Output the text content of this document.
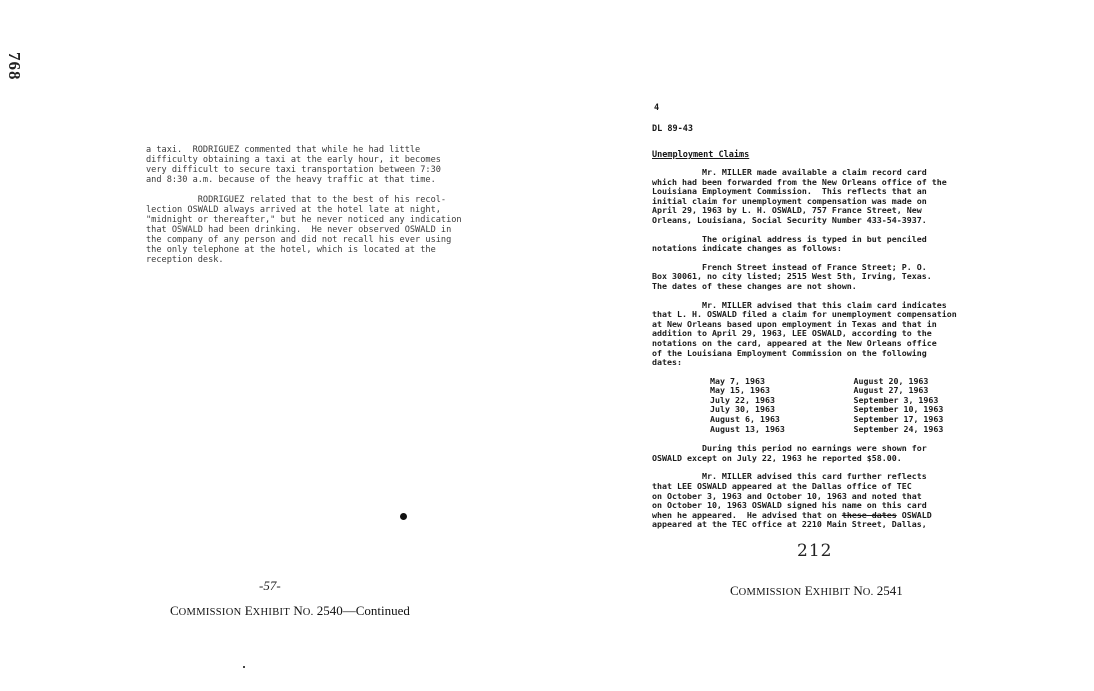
768

a taxi.  RODRIGUEZ commented that while he had little
difficulty obtaining a taxi at the early hour, it becomes
very difficult to secure taxi transportation between 7:30
and 8:30 a.m. because of the heavy traffic at that time.

RODRIGUEZ related that to the best of his recol-
lection OSWALD always arrived at the hotel late at night,
"midnight or thereafter," but he never noticed any indication
that OSWALD had been drinking.  He never observed OSWALD in
the company of any person and did not recall his ever using
the only telephone at the hotel, which is located at the
reception desk.

-57-
COMMISSION EXHIBIT NO. 2540—Continued
4
DL 89-43
Unemployment Claims

Mr. MILLER made available a claim record card
which had been forwarded from the New Orleans office of the
Louisiana Employment Commission.  This reflects that an
initial claim for unemployment compensation was made on
April 29, 1963 by L. H. OSWALD, 757 France Street, New
Orleans, Louisiana, Social Security Number 433-54-3937.

The original address is typed in but penciled
notations indicate changes as follows:

French Street instead of France Street; P. O.
Box 30061, no city listed; 2515 West 5th, Irving, Texas.
The dates of these changes are not shown.

Mr. MILLER advised that this claim card indicates
that L. H. OSWALD filed a claim for unemployment compensation
at New Orleans based upon employment in Texas and that in
addition to April 29, 1963, LEE OSWALD, according to the
notations on the card, appeared at the New Orleans office
of the Louisiana Employment Commission on the following
dates:

May 7, 1963
May 15, 1963
July 22, 1963
July 30, 1963
August 6, 1963
August 13, 1963
August 20, 1963
August 27, 1963
September 3, 1963
September 10, 1963
September 17, 1963
September 24, 1963

During this period no earnings were shown for
OSWALD except on July 22, 1963 he reported $58.00.

Mr. MILLER advised this card further reflects
that LEE OSWALD appeared at the Dallas office of TEC
on October 3, 1963 and October 10, 1963 and noted that
on October 10, 1963 OSWALD signed his name on this card
when he appeared.  He advised that on these dates OSWALD
appeared at the TEC office at 2210 Main Street, Dallas,

212
COMMISSION EXHIBIT NO. 2541
